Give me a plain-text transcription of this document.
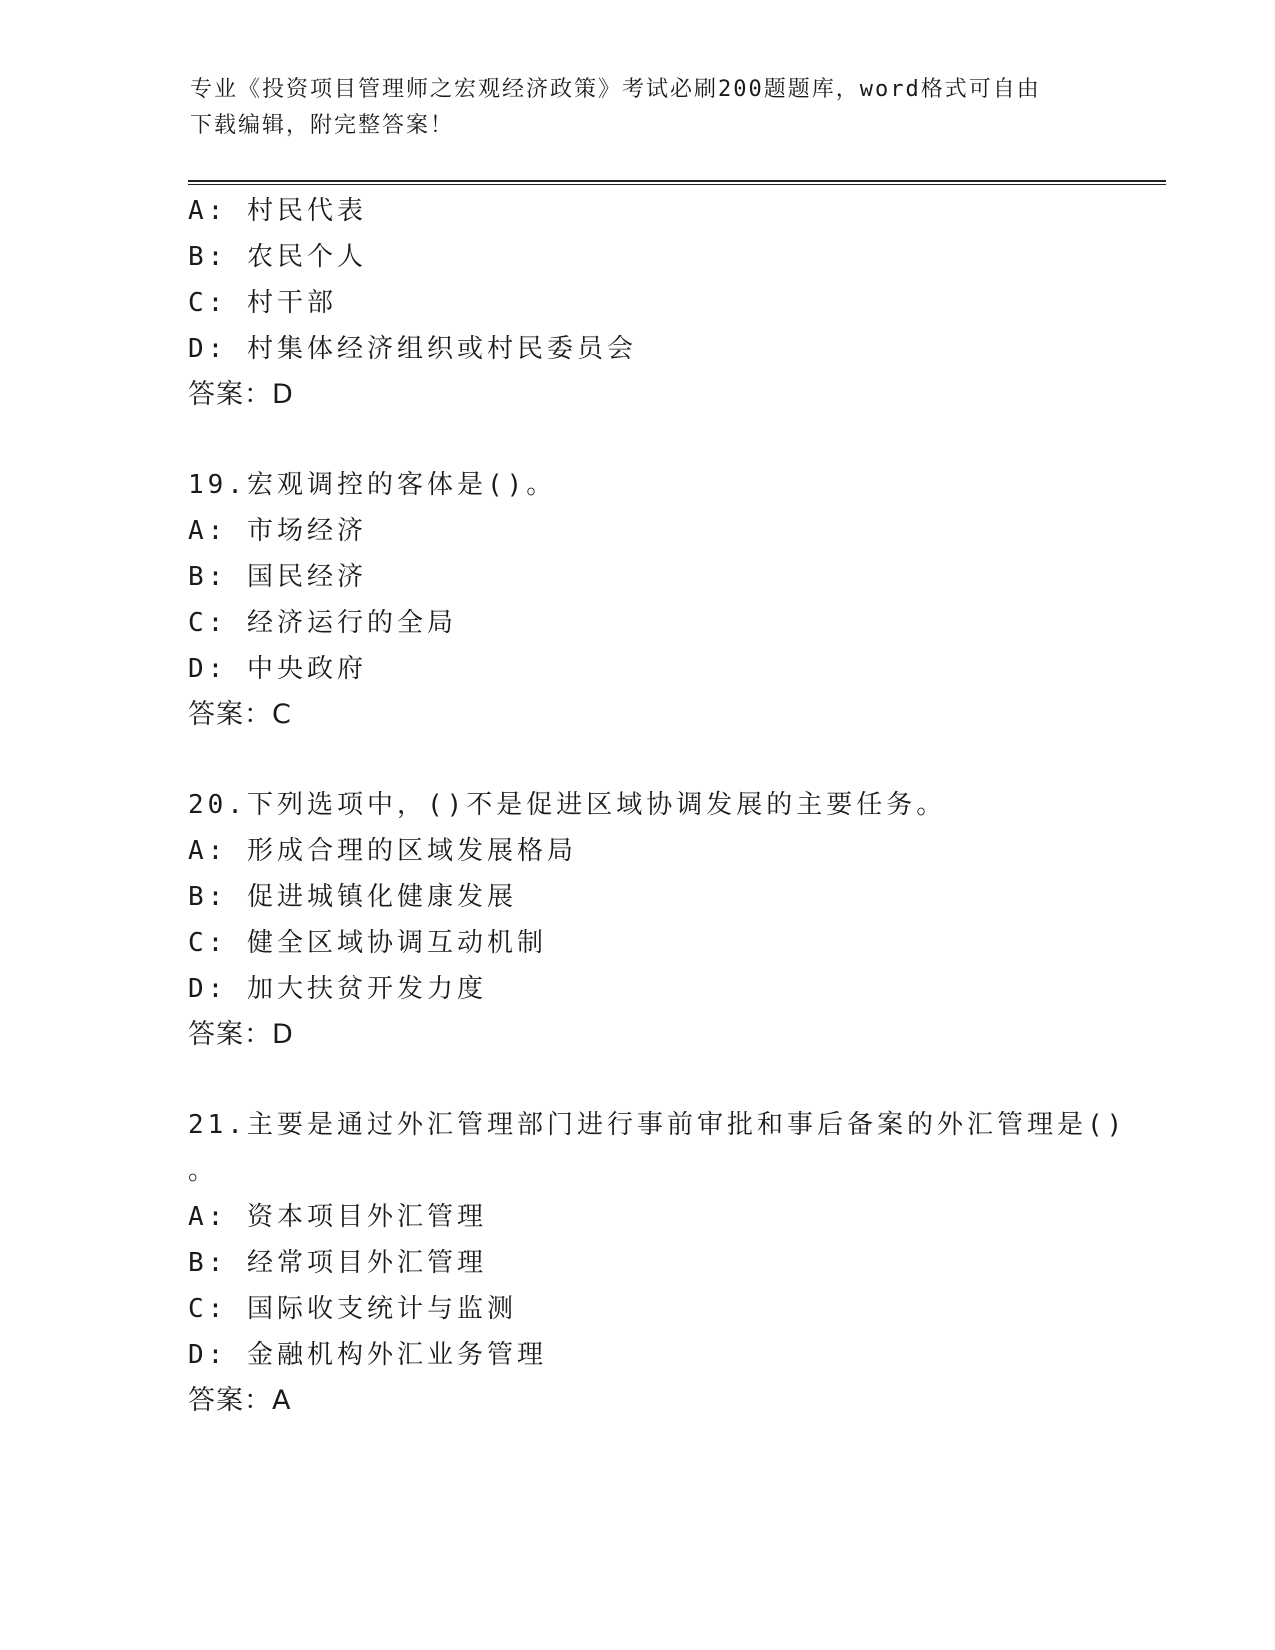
专业《投资项目管理师之宏观经济政策》考试必刷200题题库，word格式可自由
下载编辑，附完整答案！
A: 村民代表
B: 农民个人
C: 村干部
D: 村集体经济组织或村民委员会
答案：D
19.宏观调控的客体是()。
A: 市场经济
B: 国民经济
C: 经济运行的全局
D: 中央政府
答案：C
20.下列选项中，()不是促进区域协调发展的主要任务。
A: 形成合理的区域发展格局
B: 促进城镇化健康发展
C: 健全区域协调互动机制
D: 加大扶贫开发力度
答案：D
21.主要是通过外汇管理部门进行事前审批和事后备案的外汇管理是()
。
A: 资本项目外汇管理
B: 经常项目外汇管理
C: 国际收支统计与监测
D: 金融机构外汇业务管理
答案：A
